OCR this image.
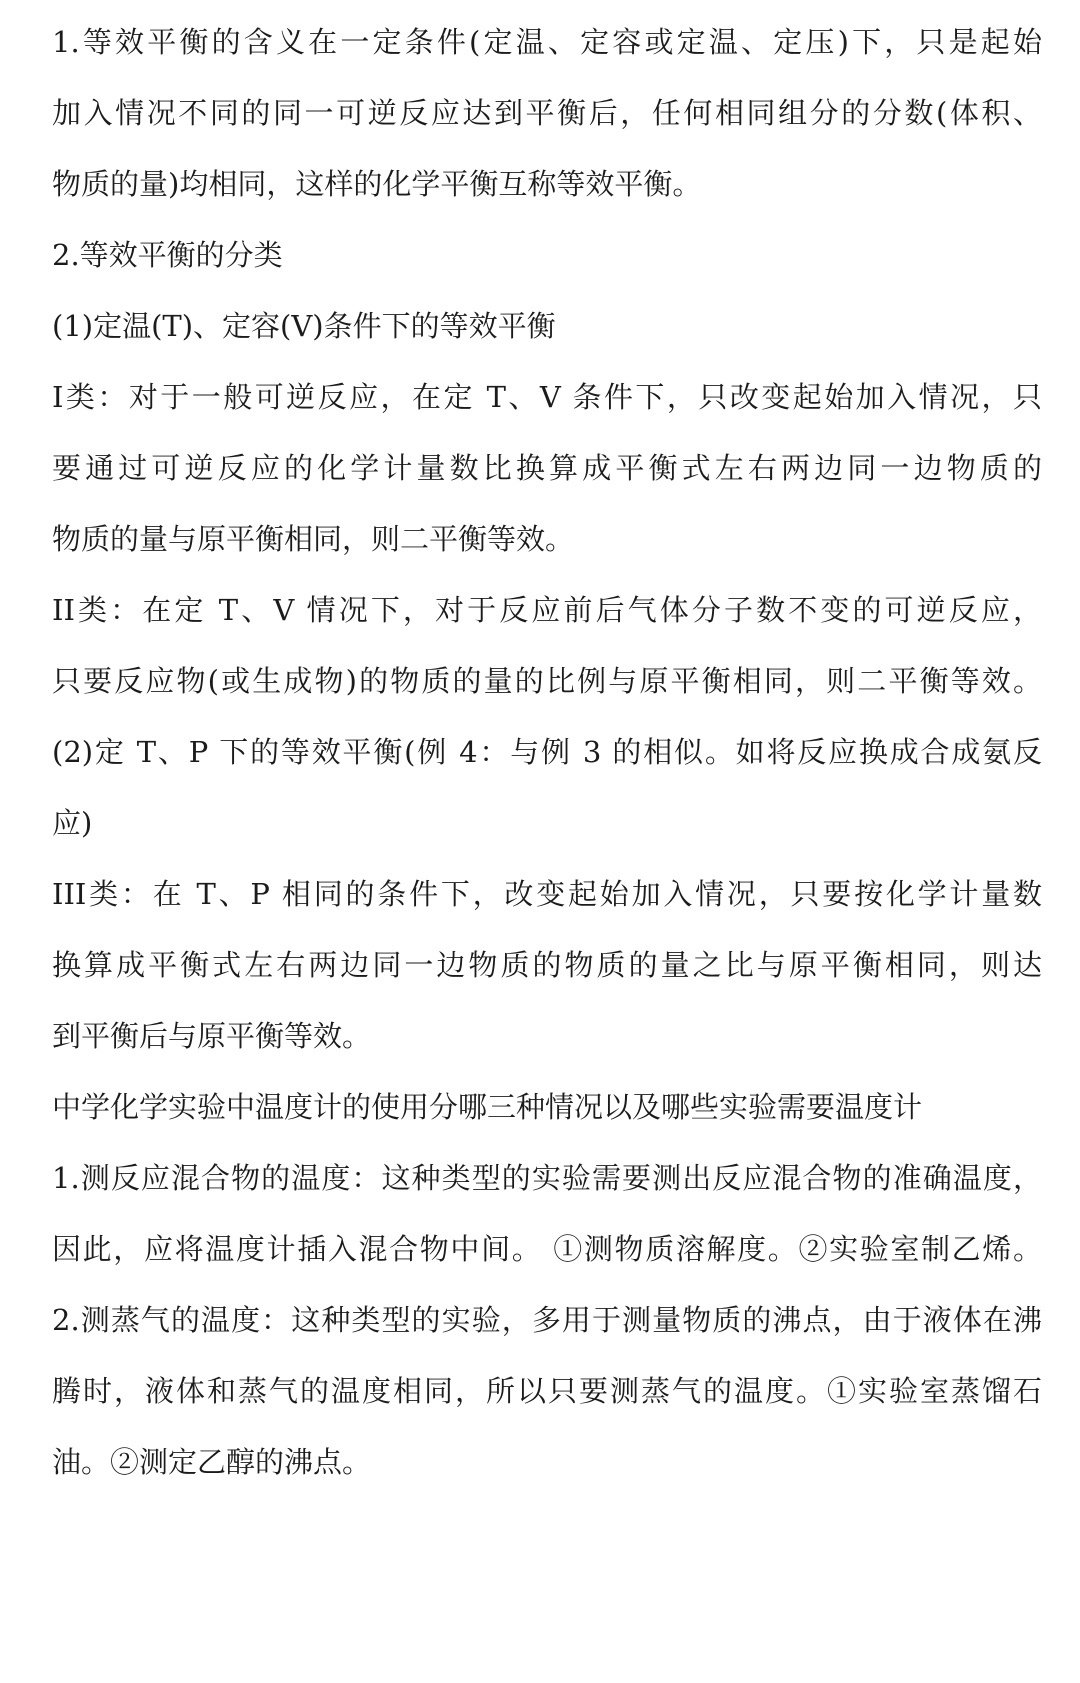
1.等效平衡的含义在一定条件(定温、定容或定温、定压)下，只是起始
加入情况不同的同一可逆反应达到平衡后，任何相同组分的分数(体积、
物质的量)均相同，这样的化学平衡互称等效平衡。
2.等效平衡的分类
(1)定温(T)、定容(V)条件下的等效平衡
I类：对于一般可逆反应，在定 T、V 条件下，只改变起始加入情况，只
要通过可逆反应的化学计量数比换算成平衡式左右两边同一边物质的
物质的量与原平衡相同，则二平衡等效。
II类：在定 T、V 情况下，对于反应前后气体分子数不变的可逆反应，
只要反应物(或生成物)的物质的量的比例与原平衡相同，则二平衡等效。
(2)定 T、P 下的等效平衡(例 4：与例 3 的相似。如将反应换成合成氨反
应)
III类：在 T、P 相同的条件下，改变起始加入情况，只要按化学计量数
换算成平衡式左右两边同一边物质的物质的量之比与原平衡相同，则达
到平衡后与原平衡等效。
中学化学实验中温度计的使用分哪三种情况以及哪些实验需要温度计
1.测反应混合物的温度：这种类型的实验需要测出反应混合物的准确温度，
因此，应将温度计插入混合物中间。 ①测物质溶解度。②实验室制乙烯。
2.测蒸气的温度：这种类型的实验，多用于测量物质的沸点，由于液体在沸
腾时，液体和蒸气的温度相同，所以只要测蒸气的温度。①实验室蒸馏石
油。②测定乙醇的沸点。
